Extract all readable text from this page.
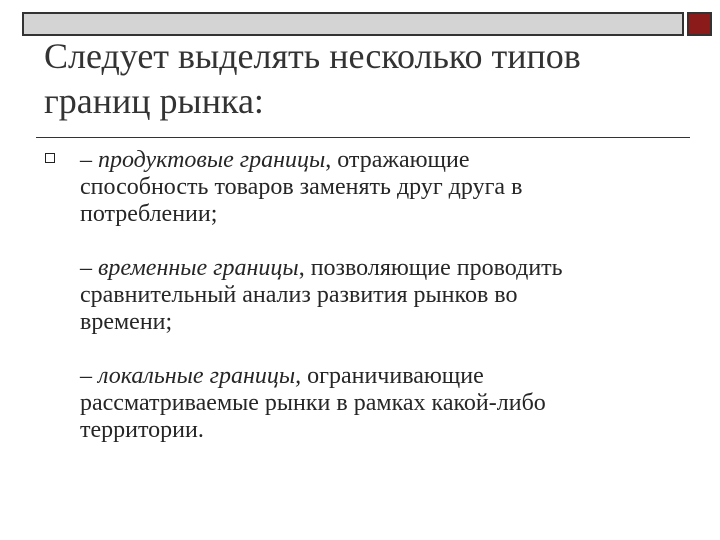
Следует выделять несколько типов
границ рынка:

– продуктовые границы, отражающие
способность товаров заменять друг друга в
потреблении;

– временные границы, позволяющие проводить
сравнительный анализ развития рынков во
времени;

– локальные границы, ограничивающие
рассматриваемые рынки в рамках какой-либо
территории.
